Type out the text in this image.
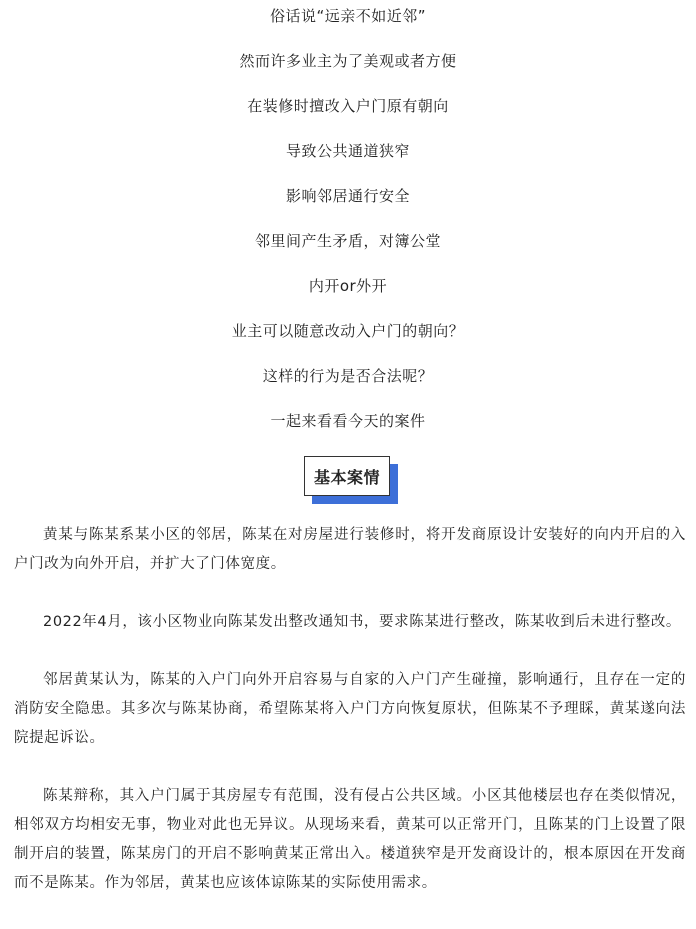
俗话说“远亲不如近邻”
然而许多业主为了美观或者方便
在装修时擅改入户门原有朝向
导致公共通道狭窄
影响邻居通行安全
邻里间产生矛盾，对簿公堂
内开or外开
业主可以随意改动入户门的朝向？
这样的行为是否合法呢？
一起来看看今天的案件
基本案情

黄某与陈某系某小区的邻居，陈某在对房屋进行装修时，将开发商原设计安装好的向内开启的入户门改为向外开启，并扩大了门体宽度。

2022年4月，该小区物业向陈某发出整改通知书，要求陈某进行整改，陈某收到后未进行整改。

邻居黄某认为，陈某的入户门向外开启容易与自家的入户门产生碰撞，影响通行，且存在一定的消防安全隐患。其多次与陈某协商，希望陈某将入户门方向恢复原状，但陈某不予理睬，黄某遂向法院提起诉讼。

陈某辩称，其入户门属于其房屋专有范围，没有侵占公共区域。小区其他楼层也存在类似情况，相邻双方均相安无事，物业对此也无异议。从现场来看，黄某可以正常开门，且陈某的门上设置了限制开启的装置，陈某房门的开启不影响黄某正常出入。楼道狭窄是开发商设计的，根本原因在开发商而不是陈某。作为邻居，黄某也应该体谅陈某的实际使用需求。
